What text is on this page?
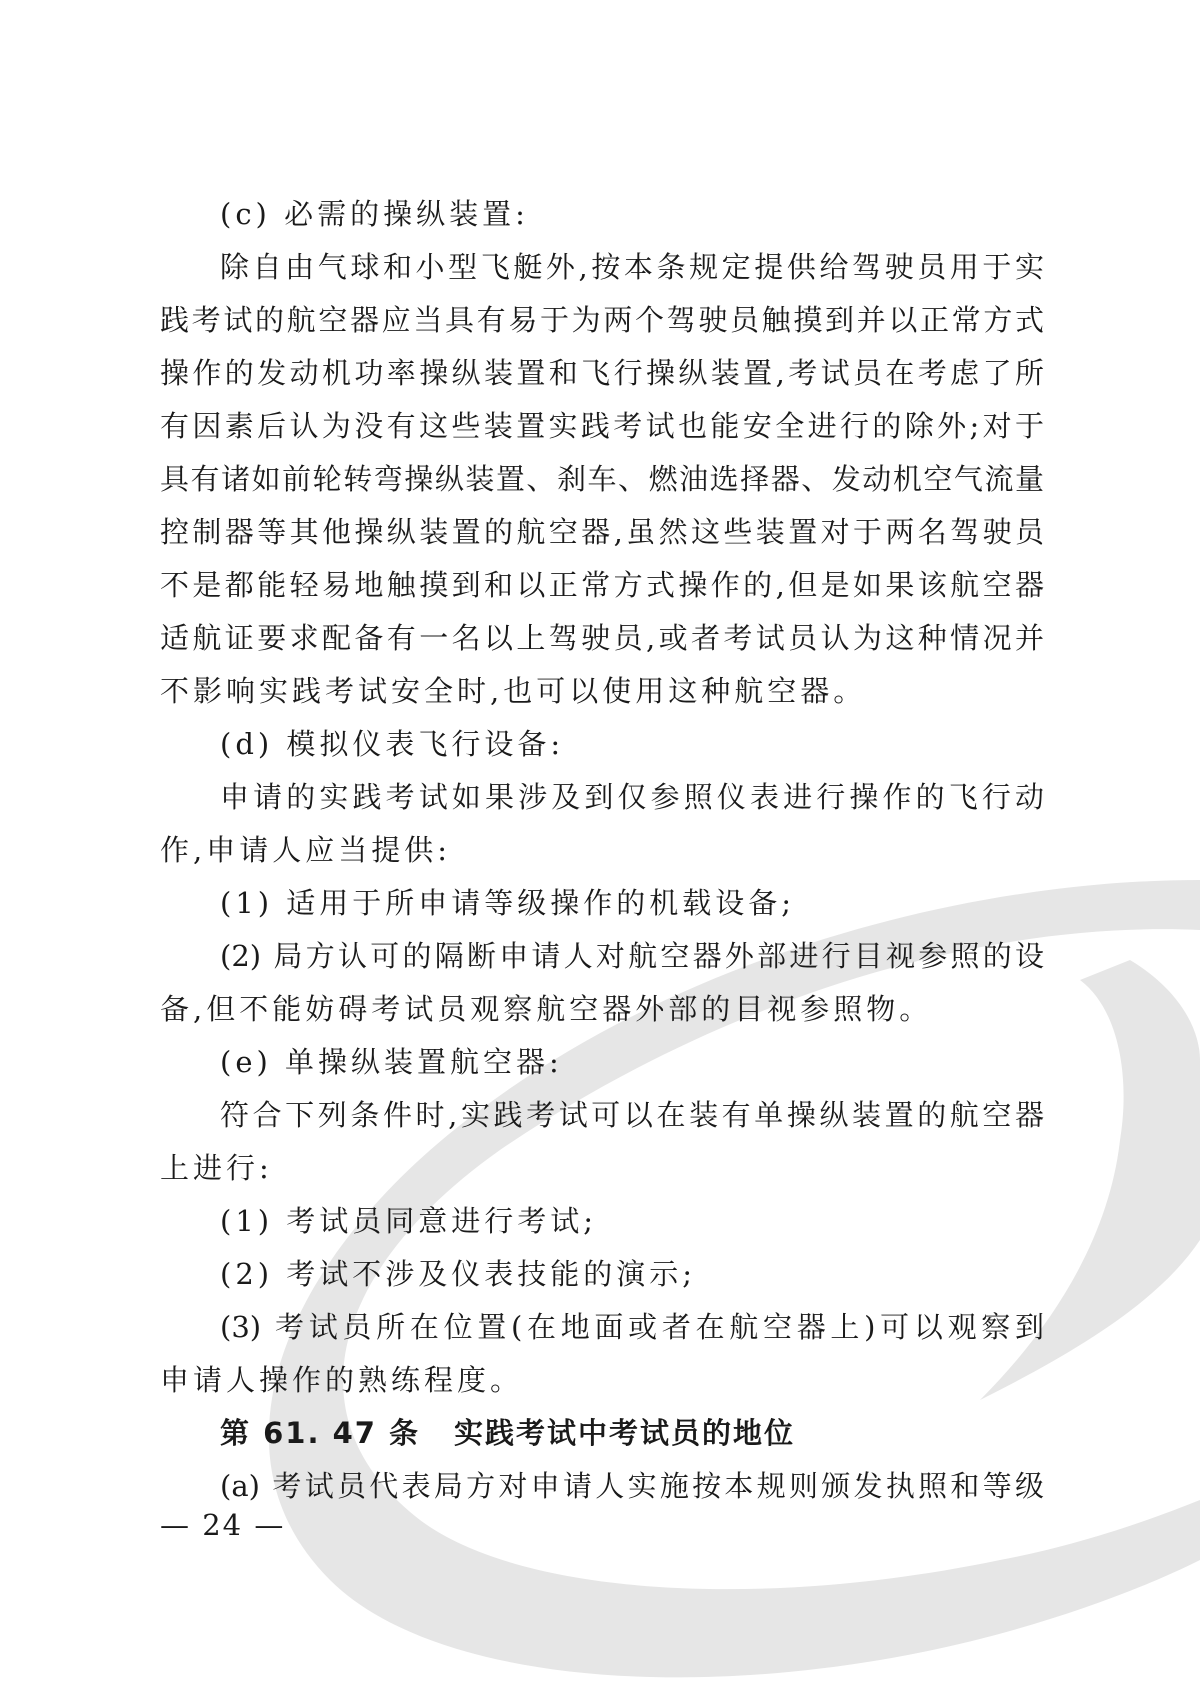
(c) 必需的操纵装置:
除自由气球和小型飞艇外,按本条规定提供给驾驶员用于实
践考试的航空器应当具有易于为两个驾驶员触摸到并以正常方式
操作的发动机功率操纵装置和飞行操纵装置,考试员在考虑了所
有因素后认为没有这些装置实践考试也能安全进行的除外;对于
具有诸如前轮转弯操纵装置、刹车、燃油选择器、发动机空气流量
控制器等其他操纵装置的航空器,虽然这些装置对于两名驾驶员
不是都能轻易地触摸到和以正常方式操作的,但是如果该航空器
适航证要求配备有一名以上驾驶员,或者考试员认为这种情况并
不影响实践考试安全时,也可以使用这种航空器。
(d) 模拟仪表飞行设备:
申请的实践考试如果涉及到仅参照仪表进行操作的飞行动
作,申请人应当提供:
(1) 适用于所申请等级操作的机载设备;
(2) 局方认可的隔断申请人对航空器外部进行目视参照的设
备,但不能妨碍考试员观察航空器外部的目视参照物。
(e) 单操纵装置航空器:
符合下列条件时,实践考试可以在装有单操纵装置的航空器
上进行:
(1) 考试员同意进行考试;
(2) 考试不涉及仪表技能的演示;
(3) 考试员所在位置(在地面或者在航空器上)可以观察到
申请人操作的熟练程度。
第 61. 47 条 实践考试中考试员的地位
(a) 考试员代表局方对申请人实施按本规则颁发执照和等级
— 24 —
